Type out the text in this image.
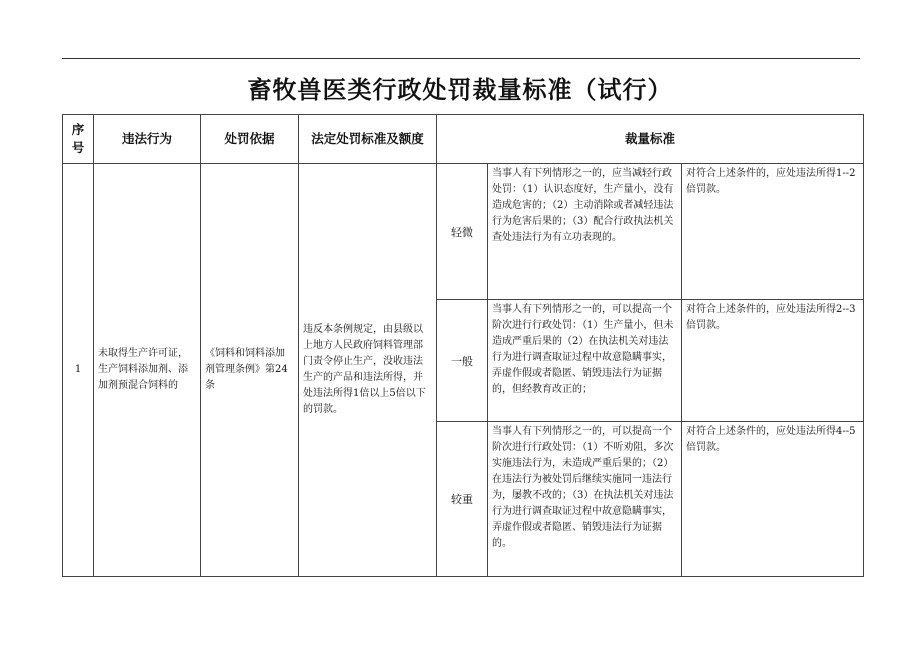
畜牧兽医类行政处罚裁量标准（试行）
序号	违法行为	处罚依据	法定处罚标准及额度	裁量标准		
1	未取得生产许可证，生产饲料添加剂、添加剂预混合饲料的	《饲料和饲料添加剂管理条例》第24条	违反本条例规定，由县级以上地方人民政府饲料管理部门责令停止生产，没收违法生产的产品和违法所得，并处违法所得1倍以上5倍以下的罚款。	轻微	当事人有下列情形之一的，应当减轻行政处罚：（1）认识态度好，生产量小，没有造成危害的；（2）主动消除或者减轻违法行为危害后果的；（3）配合行政执法机关查处违法行为有立功表现的。	对符合上述条件的，应处违法所得1--2倍罚款。
				一般	当事人有下列情形之一的，可以提高一个阶次进行行政处罚：（1）生产量小，但未造成严重后果的（2）在执法机关对违法行为进行调查取证过程中故意隐瞒事实，弄虚作假或者隐匿、销毁违法行为证据的，但经教育改正的；	对符合上述条件的，应处违法所得2--3倍罚款。
				较重	当事人有下列情形之一的，可以提高一个阶次进行行政处罚：（1）不听劝阻，多次实施违法行为，未造成严重后果的；（2）在违法行为被处罚后继续实施同一违法行为，屡教不改的；（3）在执法机关对违法行为进行调查取证过程中故意隐瞒事实，弄虚作假或者隐匿、销毁违法行为证据的。	对符合上述条件的，应处违法所得4--5倍罚款。
